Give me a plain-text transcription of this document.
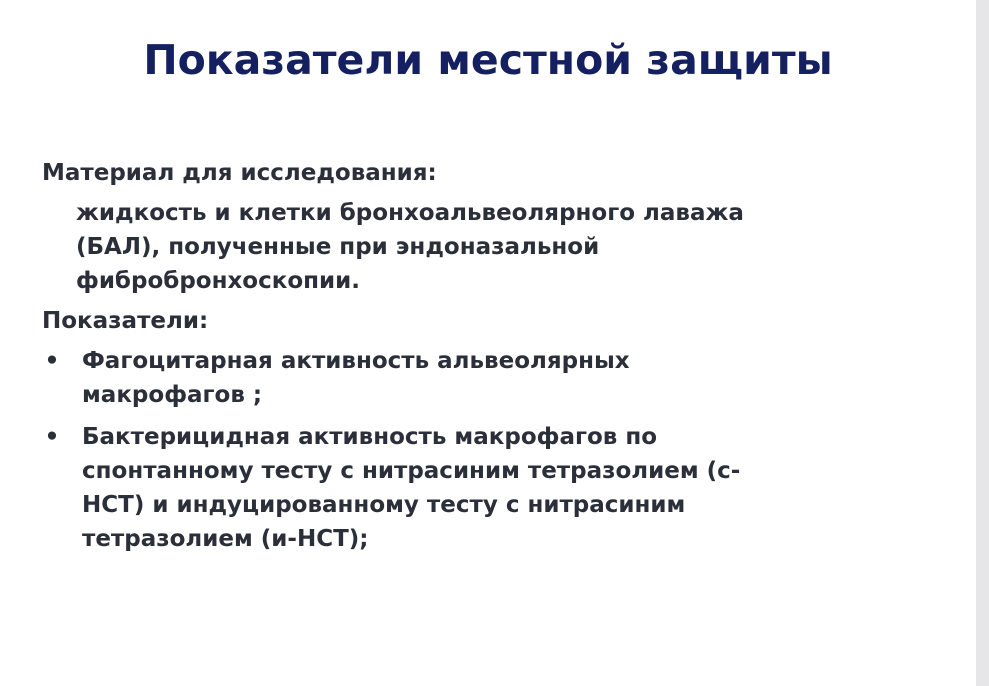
Показатели местной защиты

Материал для исследования:

жидкость и клетки бронхоальвеолярного лаважа
(БАЛ), полученные при эндоназальной
фибробронхоскопии.

Показатели:

• Фагоцитарная активность альвеолярных
макрофагов ;
• Бактерицидная активность макрофагов по
спонтанному тесту с нитрасиним тетразолием (с-
НСТ) и индуцированному тесту с нитрасиним
тетразолием (и-НСТ);
